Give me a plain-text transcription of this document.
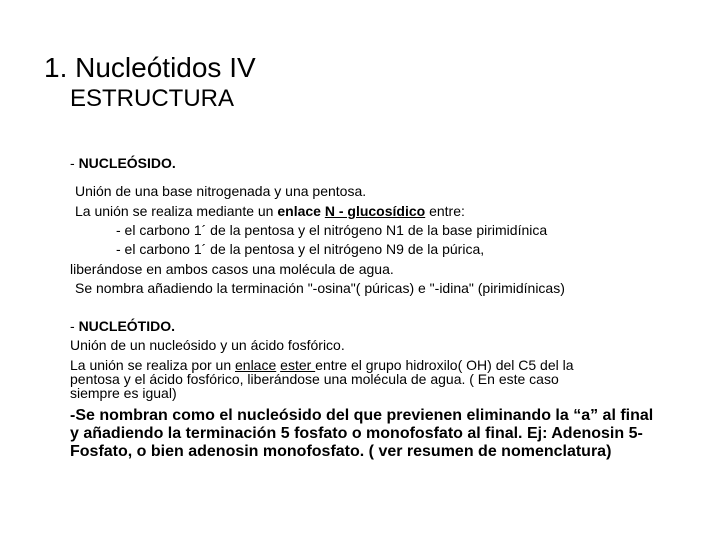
1. Nucleótidos IV
ESTRUCTURA
- NUCLEÓSIDO.
Unión de una base nitrogenada y una pentosa.
La unión se realiza mediante un enlace N - glucosídico entre:
- el carbono 1´ de la pentosa y el nitrógeno N1 de la base pirimidínica
- el carbono 1´ de la pentosa y el nitrógeno N9 de la púrica,
liberándose en ambos casos una molécula de agua.
Se nombra añadiendo la terminación "-osina"( púricas) e "-idina" (pirimidínicas)
- NUCLEÓTIDO.
Unión de un nucleósido y un ácido fosfórico.
La unión se realiza por un enlace ester entre el grupo hidroxilo( OH) del C5 del la
pentosa y el ácido fosfórico, liberándose una molécula de agua. ( En este caso
siempre es igual)
-Se nombran como el nucleósido del que previenen eliminando la “a” al final
y añadiendo la terminación 5 fosfato o monofosfato al final. Ej: Adenosin 5-
Fosfato, o bien adenosin monofosfato. ( ver resumen de nomenclatura)
